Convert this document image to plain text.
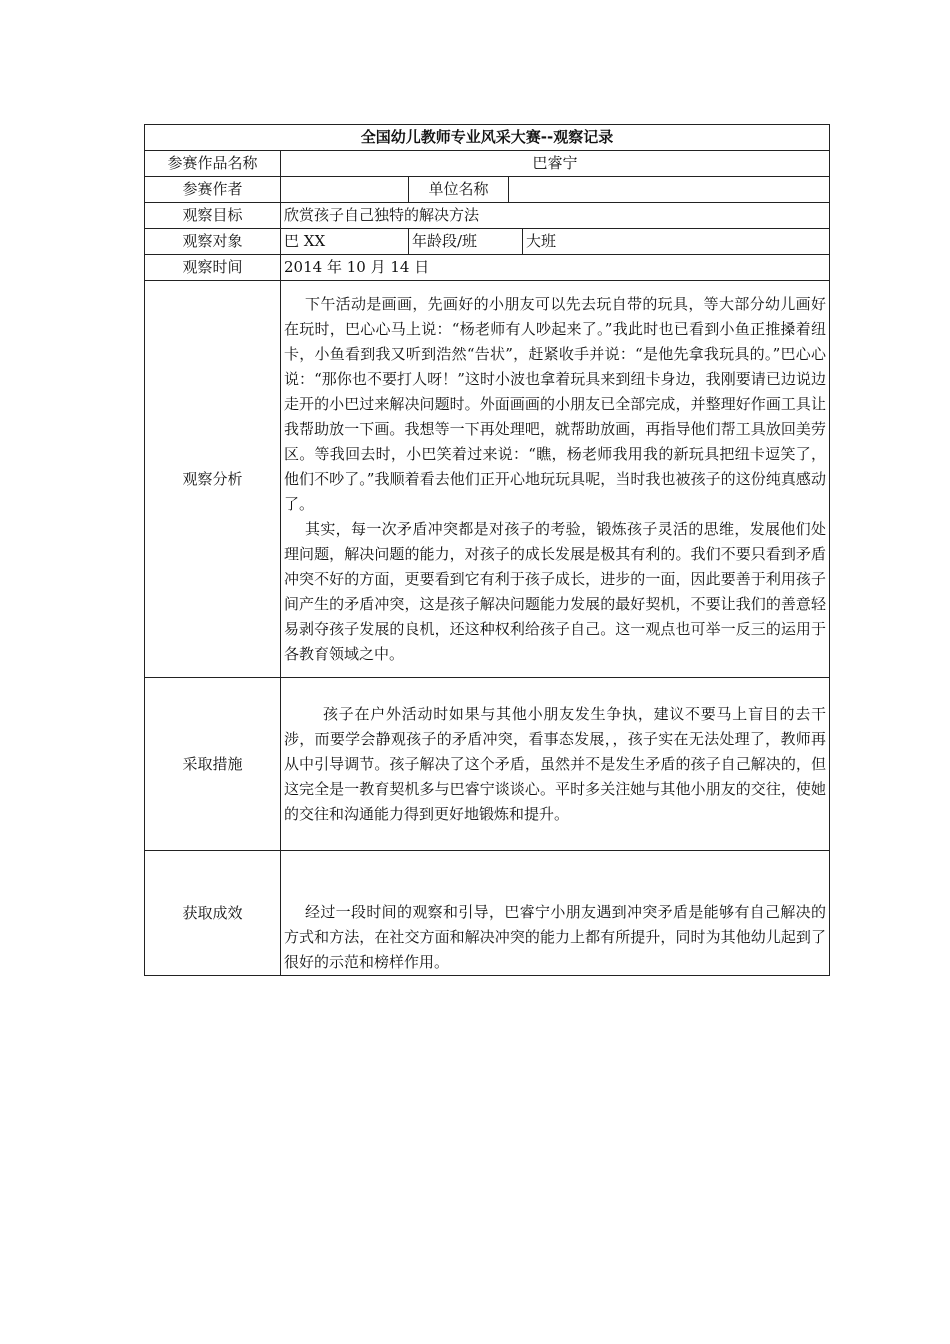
全国幼儿教师专业风采大赛--观察记录				
参赛作品名称	巴睿宁			
参赛作者		单位名称		
观察目标	欣赏孩子自己独特的解决方法			
观察对象	巴 XX	年龄段/班		大班
观察时间	2014 年 10 月 14 日			
观察分析	下午活动是画画，先画好的小朋友可以先去玩自带的玩具，等大部分幼儿画好在玩时，巴心心马上说：“杨老师有人吵起来了。”我此时也已看到小鱼正推搡着纽卡，小鱼看到我又听到浩然“告状”，赶紧收手并说：“是他先拿我玩具的。”巴心心说：“那你也不要打人呀！”这时小波也拿着玩具来到纽卡身边，我刚要请已边说边走开的小巴过来解决问题时。外面画画的小朋友已全部完成，并整理好作画工具让我帮助放一下画。我想等一下再处理吧，就帮助放画，再指导他们帮工具放回美劳区。等我回去时，小巴笑着过来说：“瞧，杨老师我用我的新玩具把纽卡逗笑了，他们不吵了。”我顺着看去他们正开心地玩玩具呢，当时我也被孩子的这份纯真感动了。

其实，每一次矛盾冲突都是对孩子的考验，锻炼孩子灵活的思维，发展他们处理问题，解决问题的能力，对孩子的成长发展是极其有利的。我们不要只看到矛盾冲突不好的方面，更要看到它有利于孩子成长，进步的一面，因此要善于利用孩子间产生的矛盾冲突，这是孩子解决问题能力发展的最好契机，不要让我们的善意轻易剥夺孩子发展的良机，还这种权利给孩子自己。这一观点也可举一反三的运用于各教育领域之中。			

采取措施	孩子在户外活动时如果与其他小朋友发生争执，建议不要马上盲目的去干涉，而要学会静观孩子的矛盾冲突，看事态发展，，孩子实在无法处理了，教师再从中引导调节。孩子解决了这个矛盾，虽然并不是发生矛盾的孩子自己解决的，但这完全是一教育契机多与巴睿宁谈谈心。平时多关注她与其他小朋友的交往，使她的交往和沟通能力得到更好地锻炼和提升。			

获取成效	经过一段时间的观察和引导，巴睿宁小朋友遇到冲突矛盾是能够有自己解决的方式和方法，在社交方面和解决冲突的能力上都有所提升，同时为其他幼儿起到了很好的示范和榜样作用。			
